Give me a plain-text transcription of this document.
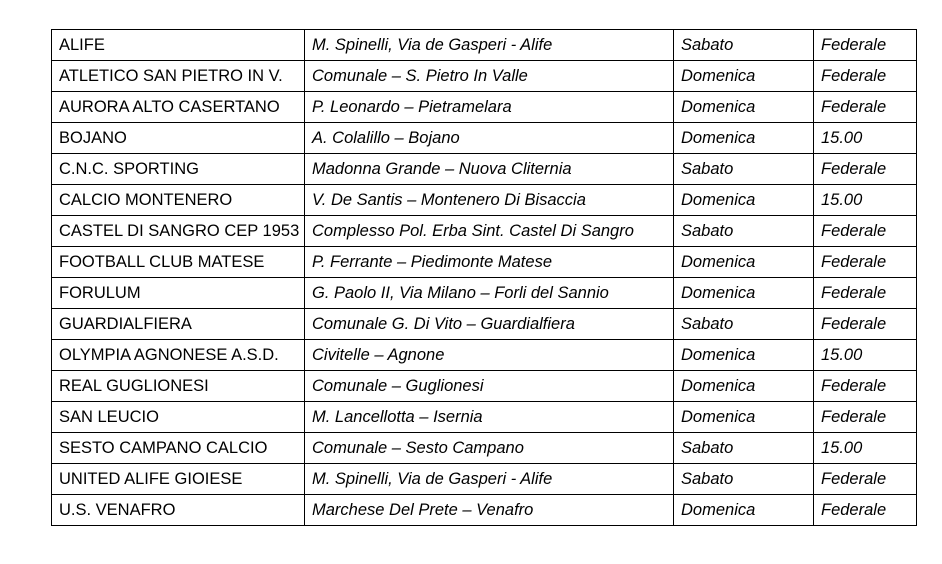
ALIFE	M. Spinelli, Via de Gasperi - Alife	Sabato	Federale
ATLETICO SAN PIETRO IN V.	Comunale – S. Pietro In Valle	Domenica	Federale
AURORA ALTO CASERTANO	P. Leonardo – Pietramelara	Domenica	Federale
BOJANO	A. Colalillo – Bojano	Domenica	15.00
C.N.C. SPORTING	Madonna Grande – Nuova Cliternia	Sabato	Federale
CALCIO MONTENERO	V. De Santis – Montenero Di Bisaccia	Domenica	15.00
CASTEL DI SANGRO CEP 1953	Complesso Pol. Erba Sint. Castel Di Sangro	Sabato	Federale
FOOTBALL CLUB MATESE	P. Ferrante – Piedimonte Matese	Domenica	Federale
FORULUM	G. Paolo II, Via Milano – Forli del Sannio	Domenica	Federale
GUARDIALFIERA	Comunale G. Di Vito – Guardialfiera	Sabato	Federale
OLYMPIA AGNONESE A.S.D.	Civitelle – Agnone	Domenica	15.00
REAL GUGLIONESI	Comunale – Guglionesi	Domenica	Federale
SAN LEUCIO	M. Lancellotta – Isernia	Domenica	Federale
SESTO CAMPANO CALCIO	Comunale – Sesto Campano	Sabato	15.00
UNITED ALIFE GIOIESE	M. Spinelli, Via de Gasperi - Alife	Sabato	Federale
U.S. VENAFRO	Marchese Del Prete – Venafro	Domenica	Federale
